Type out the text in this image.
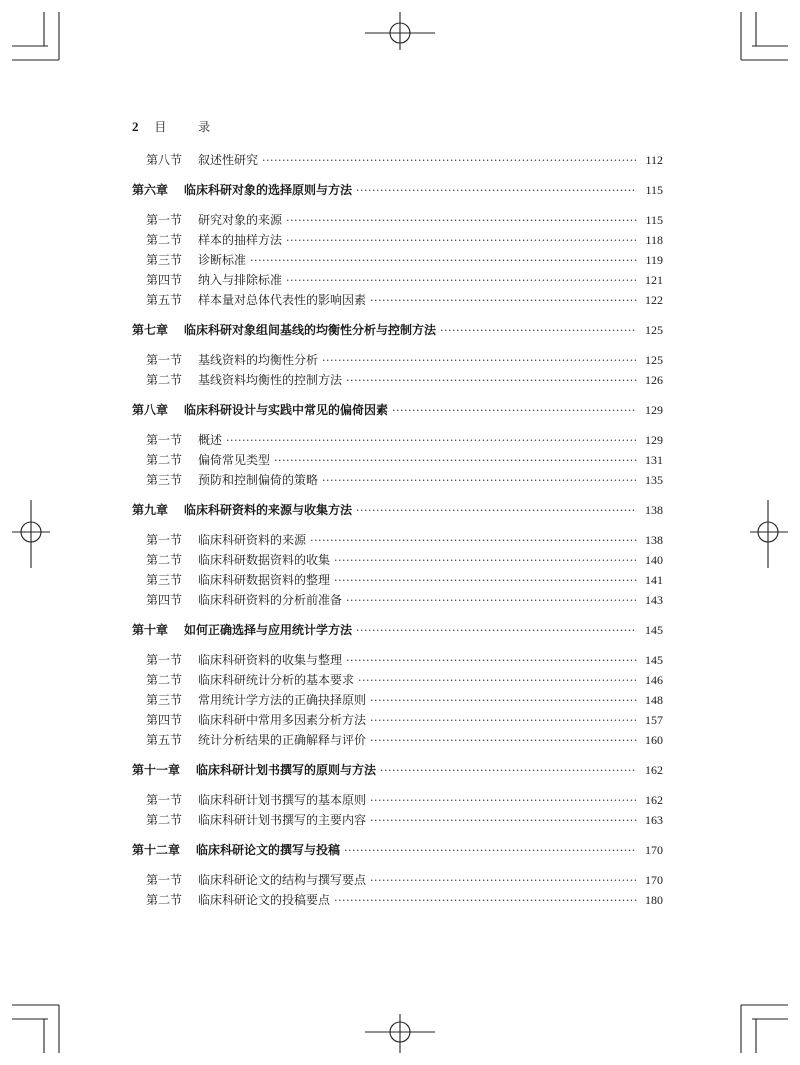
2 目 录
第八节	叙述性研究 ·····	112
第六章 临床科研对象的选择原则与方法 ·····	115
第一节	研究对象的来源 ·····	115
第二节	样本的抽样方法 ·····	118
第三节	诊断标准 ·····	119
第四节	纳入与排除标准 ·····	121
第五节	样本量对总体代表性的影响因素 ·····	122
第七章 临床科研对象组间基线的均衡性分析与控制方法 ·····	125
第一节	基线资料的均衡性分析 ·····	125
第二节	基线资料均衡性的控制方法 ·····	126
第八章 临床科研设计与实践中常见的偏倚因素 ·····	129
第一节	概述 ·····	129
第二节	偏倚常见类型 ·····	131
第三节	预防和控制偏倚的策略 ·····	135
第九章 临床科研资料的来源与收集方法 ·····	138
第一节	临床科研资料的来源 ·····	138
第二节	临床科研数据资料的收集 ·····	140
第三节	临床科研数据资料的整理 ·····	141
第四节	临床科研资料的分析前准备 ·····	143
第十章 如何正确选择与应用统计学方法 ·····	145
第一节	临床科研资料的收集与整理 ·····	145
第二节	临床科研统计分析的基本要求 ·····	146
第三节	常用统计学方法的正确抉择原则 ·····	148
第四节	临床科研中常用多因素分析方法 ·····	157
第五节	统计分析结果的正确解释与评价 ·····	160
第十一章 临床科研计划书撰写的原则与方法 ·····	162
第一节	临床科研计划书撰写的基本原则 ·····	162
第二节	临床科研计划书撰写的主要内容 ·····	163
第十二章 临床科研论文的撰写与投稿 ·····	170
第一节	临床科研论文的结构与撰写要点 ·····	170
第二节	临床科研论文的投稿要点 ·····	180
